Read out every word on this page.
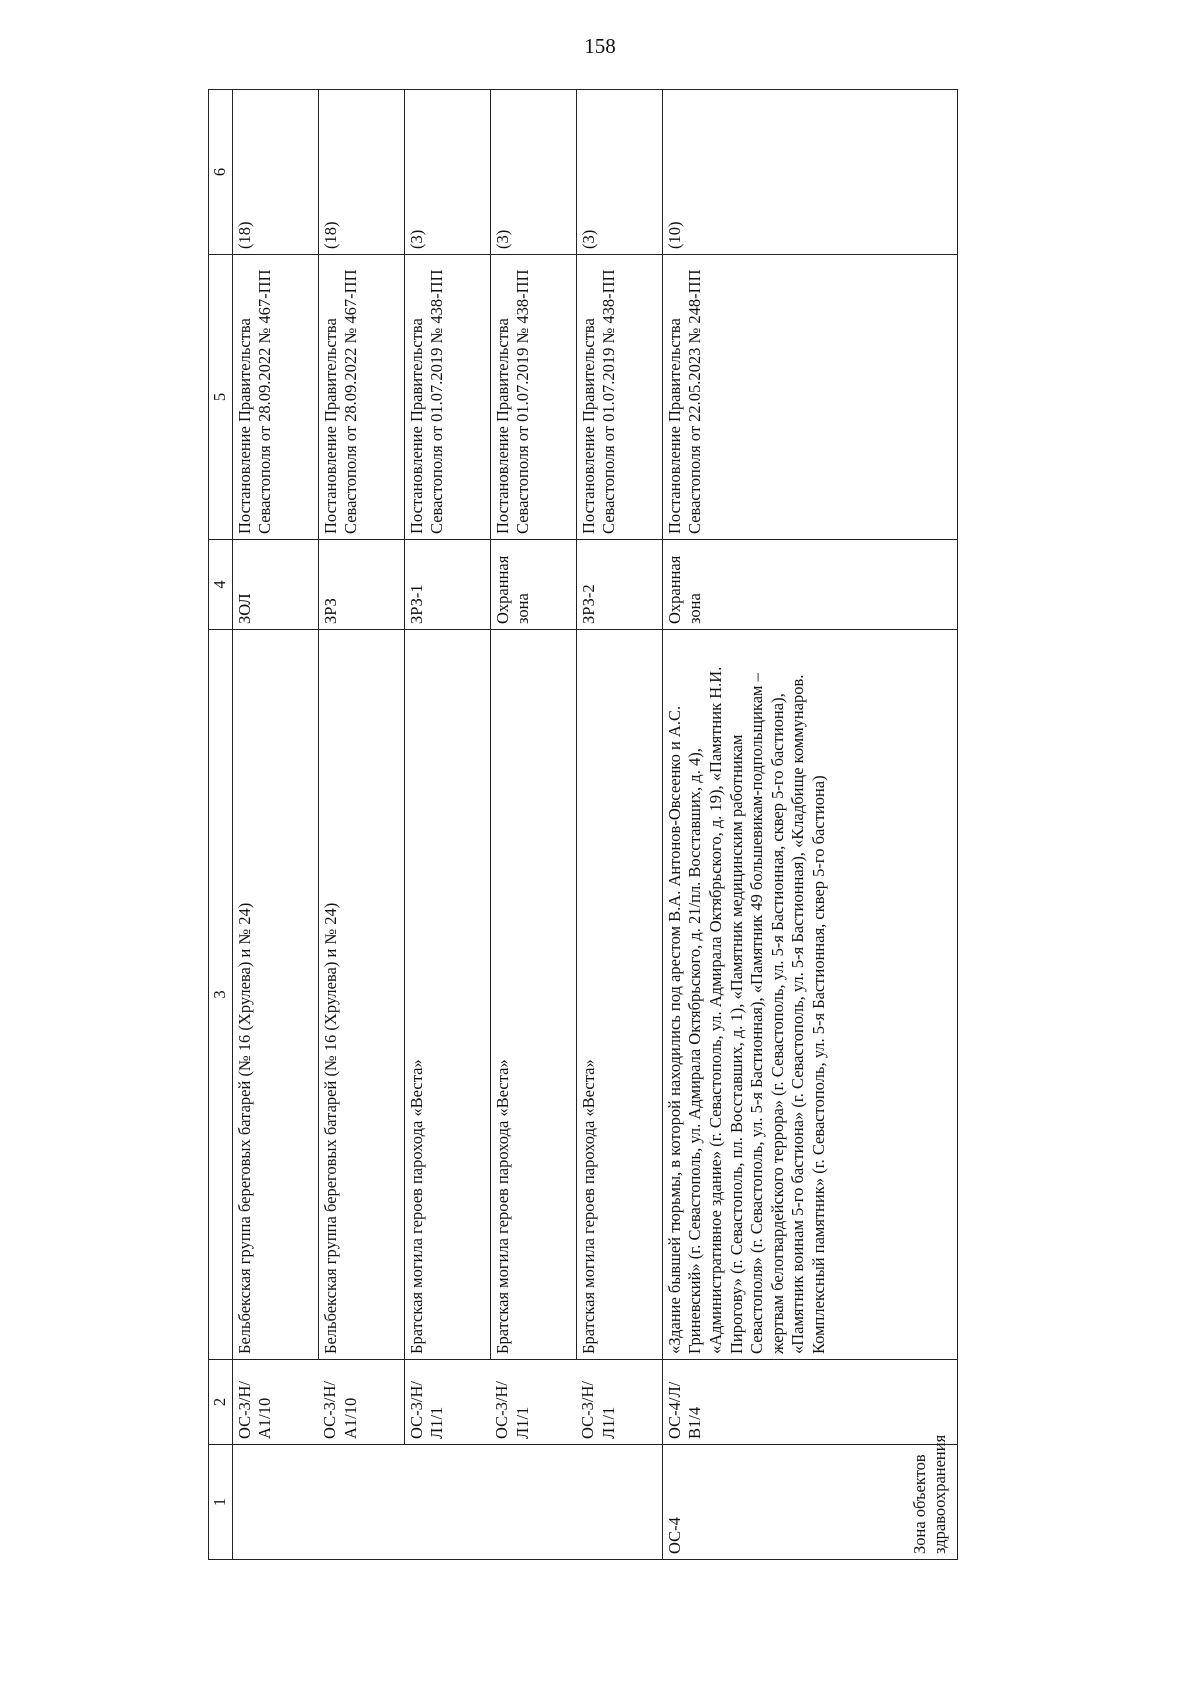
158
1	2	3	4	5	6
	ОС-3/Н/А1/10	Бельбекская группа береговых батарей (№ 16 (Хрулева) и № 24)	ЗОЛ	Постановление Правительства Севастополя от 28.09.2022 № 467-ПП	(18)
	ОС-3/Н/А1/10	Бельбекская группа береговых батарей (№ 16 (Хрулева) и № 24)	ЗРЗ	Постановление Правительства Севастополя от 28.09.2022 № 467-ПП	(18)
	ОС-3/Н/Л1/1	Братская могила героев парохода «Веста»	ЗРЗ-1	Постановление Правительства Севастополя от 01.07.2019 № 438-ПП	(3)
	ОС-3/Н/Л1/1	Братская могила героев парохода «Веста»	Охранная зона	Постановление Правительства Севастополя от 01.07.2019 № 438-ПП	(3)
	ОС-3/Н/Л1/1	Братская могила героев парохода «Веста»	ЗРЗ-2	Постановление Правительства Севастополя от 01.07.2019 № 438-ПП	(3)

ОС-4 Зона объектов здравоохранения	ОС-4/Л/В1/4	«Здание бывшей тюрьмы, в которой находились под арестом В.А. Антонов-Овсеенко и А.С. Гриневский» (г. Севастополь, ул. Адмирала Октябрьского, д. 21/пл. Восставших, д. 4), «Административное здание» (г. Севастополь, ул. Адмирала Октябрьского, д. 19), «Памятник Н.И. Пирогову» (г. Севастополь, пл. Восставших, д. 1), «Памятник медицинским работникам Севастополя» (г. Севастополь, ул. 5-я Бастионная), «Памятник 49 большевикам-подпольщикам – жертвам белогвардейского террора» (г. Севастополь, ул. 5-я Бастионная, сквер 5-го бастиона), «Памятник воинам 5-го бастиона» (г. Севастополь, ул. 5-я Бастионная), «Кладбище коммунаров. Комплексный памятник» (г. Севастополь, ул. 5-я Бастионная, сквер 5-го бастиона)	Охранная зона	Постановление Правительства Севастополя от 22.05.2023 № 248-ПП	(10)
